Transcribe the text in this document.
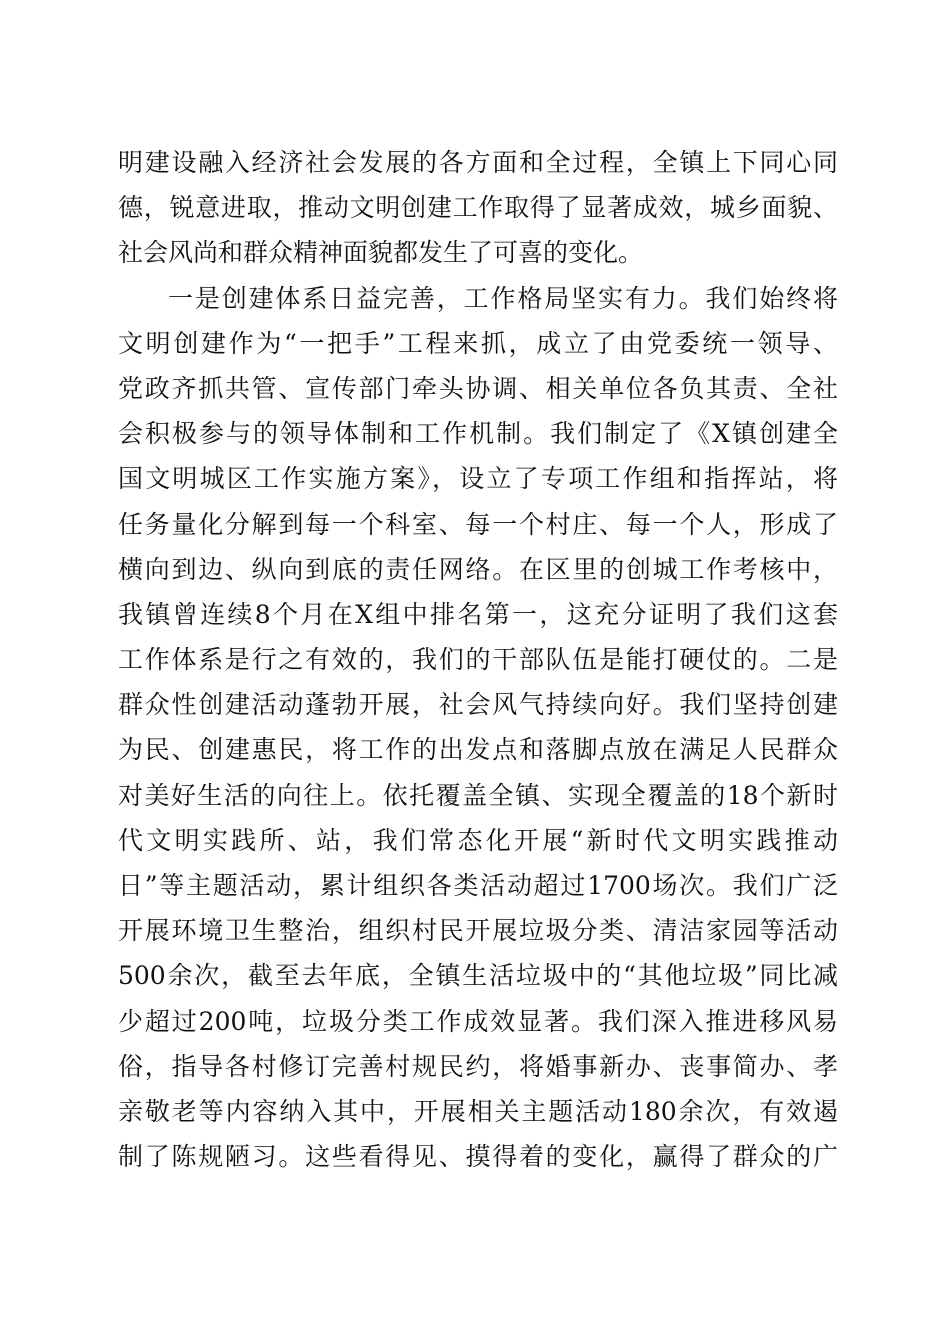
明建设融入经济社会发展的各方面和全过程，全镇上下同心同
德，锐意进取，推动文明创建工作取得了显著成效，城乡面貌、
社会风尚和群众精神面貌都发生了可喜的变化。
一是创建体系日益完善，工作格局坚实有力。我们始终将
文明创建作为“一把手”工程来抓，成立了由党委统一领导、
党政齐抓共管、宣传部门牵头协调、相关单位各负其责、全社
会积极参与的领导体制和工作机制。我们制定了《X镇创建全
国文明城区工作实施方案》，设立了专项工作组和指挥站，将
任务量化分解到每一个科室、每一个村庄、每一个人，形成了
横向到边、纵向到底的责任网络。在区里的创城工作考核中，
我镇曾连续8个月在X组中排名第一，这充分证明了我们这套
工作体系是行之有效的，我们的干部队伍是能打硬仗的。二是
群众性创建活动蓬勃开展，社会风气持续向好。我们坚持创建
为民、创建惠民，将工作的出发点和落脚点放在满足人民群众
对美好生活的向往上。依托覆盖全镇、实现全覆盖的18个新时
代文明实践所、站，我们常态化开展“新时代文明实践推动
日”等主题活动，累计组织各类活动超过1700场次。我们广泛
开展环境卫生整治，组织村民开展垃圾分类、清洁家园等活动
500余次，截至去年底，全镇生活垃圾中的“其他垃圾”同比减
少超过200吨，垃圾分类工作成效显著。我们深入推进移风易
俗，指导各村修订完善村规民约，将婚事新办、丧事简办、孝
亲敬老等内容纳入其中，开展相关主题活动180余次，有效遏
制了陈规陋习。这些看得见、摸得着的变化，赢得了群众的广
